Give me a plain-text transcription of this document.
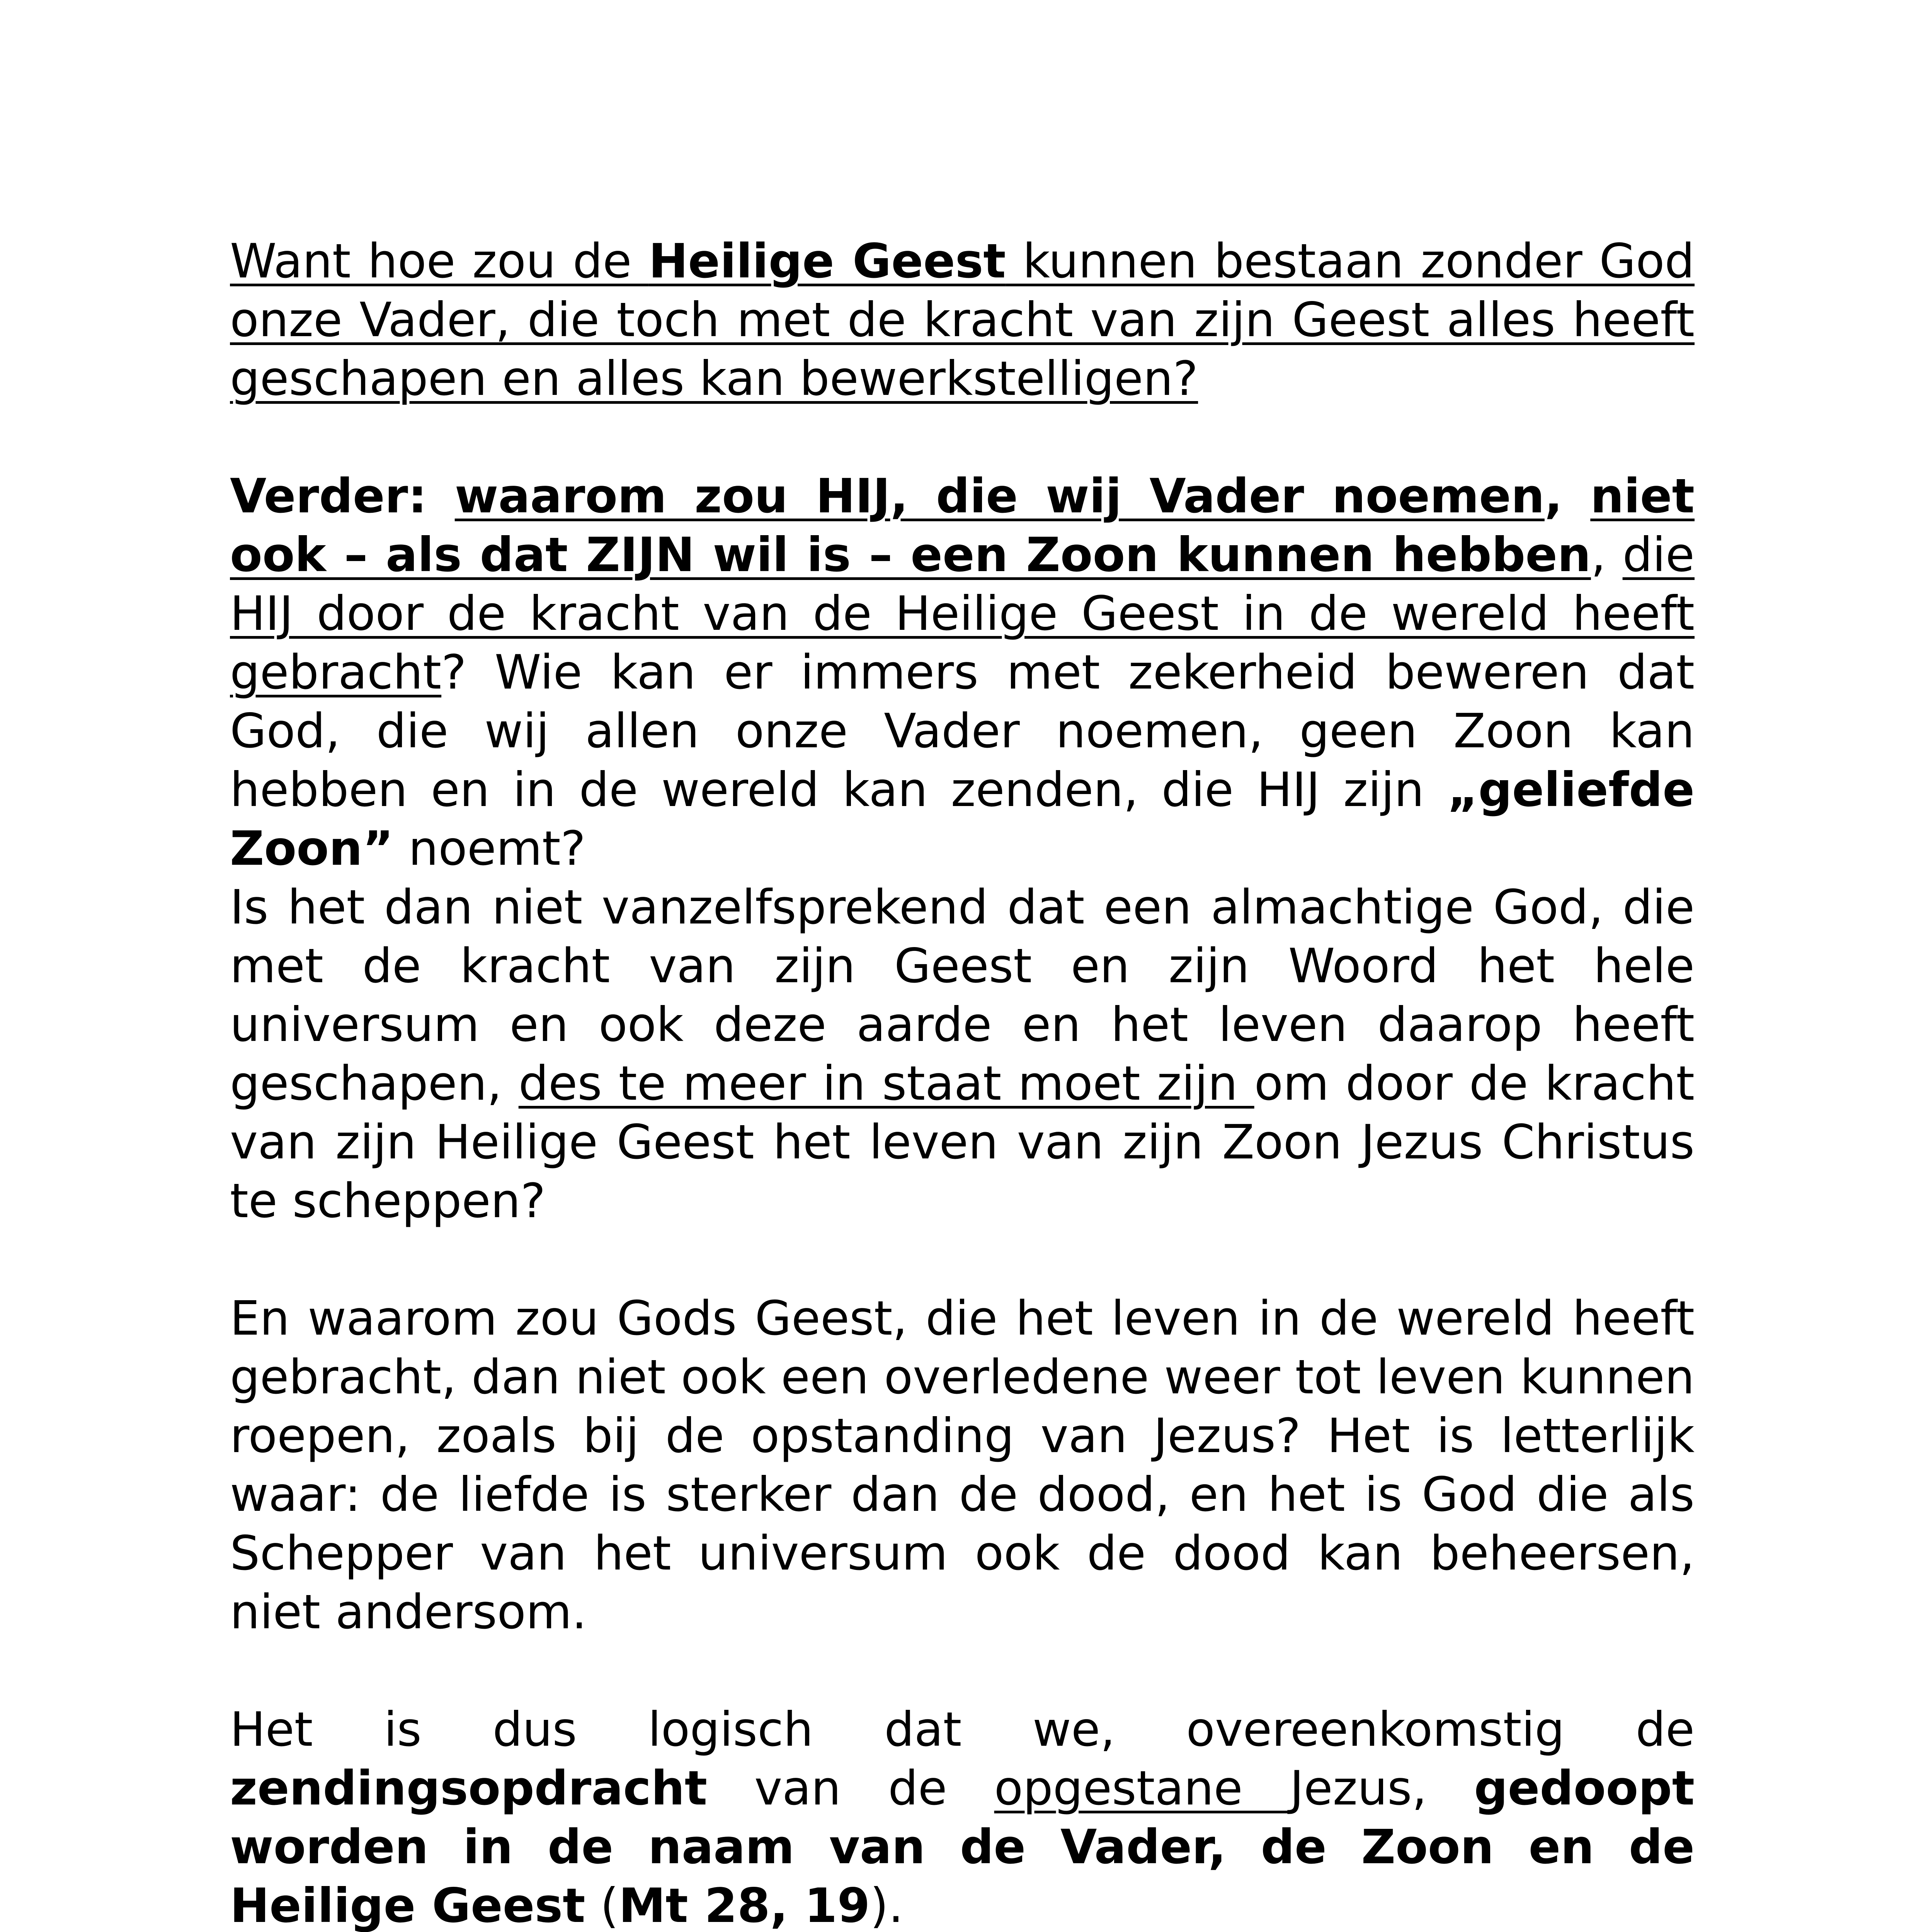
Want hoe zou de Heilige Geest kunnen bestaan zonder God onze Vader, die toch met de kracht van zijn Geest alles heeft geschapen en alles kan bewerkstelligen?

Verder: waarom zou HIJ, die wij Vader noemen, niet ook – als dat ZIJN wil is – een Zoon kunnen hebben, die HIJ door de kracht van de Heilige Geest in de wereld heeft gebracht? Wie kan er immers met zekerheid beweren dat God, die wij allen onze Vader noemen, geen Zoon kan hebben en in de wereld kan zenden, die HIJ zijn „geliefde Zoon” noemt?

Is het dan niet vanzelfsprekend dat een almachtige God, die met de kracht van zijn Geest en zijn Woord het hele universum en ook deze aarde en het leven daarop heeft geschapen, des te meer in staat moet zijn om door de kracht van zijn Heilige Geest het leven van zijn Zoon Jezus Christus te scheppen?

En waarom zou Gods Geest, die het leven in de wereld heeft gebracht, dan niet ook een overledene weer tot leven kunnen roepen, zoals bij de opstanding van Jezus? Het is letterlijk waar: de liefde is sterker dan de dood, en het is God die als Schepper van het universum ook de dood kan beheersen, niet andersom.

Het is dus logisch dat we, overeenkomstig de zendingsopdracht van de opgestane Jezus, gedoopt worden in de naam van de Vader, de Zoon en de Heilige Geest (Mt 28, 19).
